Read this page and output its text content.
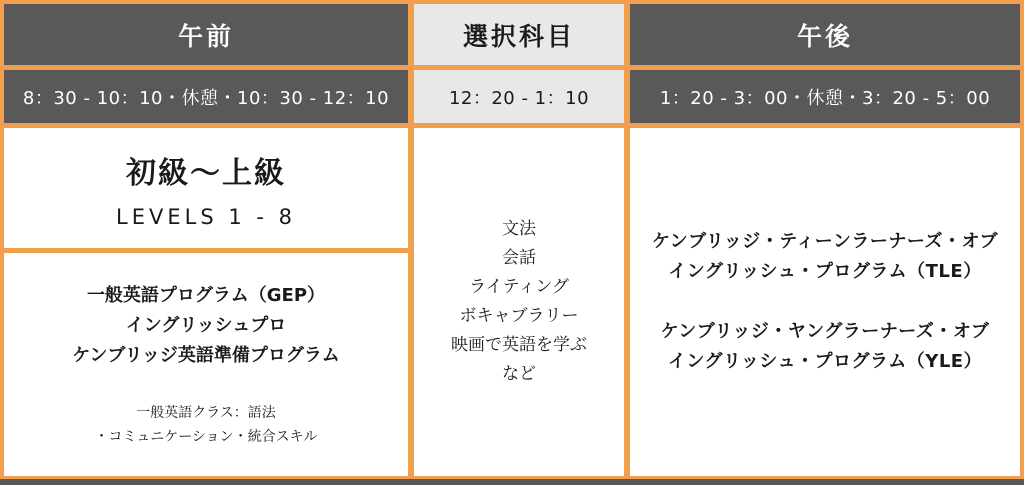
午前
8：30 - 10：10・休憩・10：30 - 12：10
初級〜上級
LEVELS 1 - 8
一般英語プログラム（GEP）
イングリッシュプロ
ケンブリッジ英語準備プログラム
一般英語クラス：語法
・コミュニケーション・統合スキル
選択科目
12：20 - 1：10
文法
会話
ライティング
ボキャブラリー
映画で英語を学ぶ
など
午後
1：20 - 3：00・休憩・3：20 - 5：00
ケンブリッジ・ティーンラーナーズ・オブ
イングリッシュ・プログラム（TLE）
ケンブリッジ・ヤングラーナーズ・オブ
イングリッシュ・プログラム（YLE）
